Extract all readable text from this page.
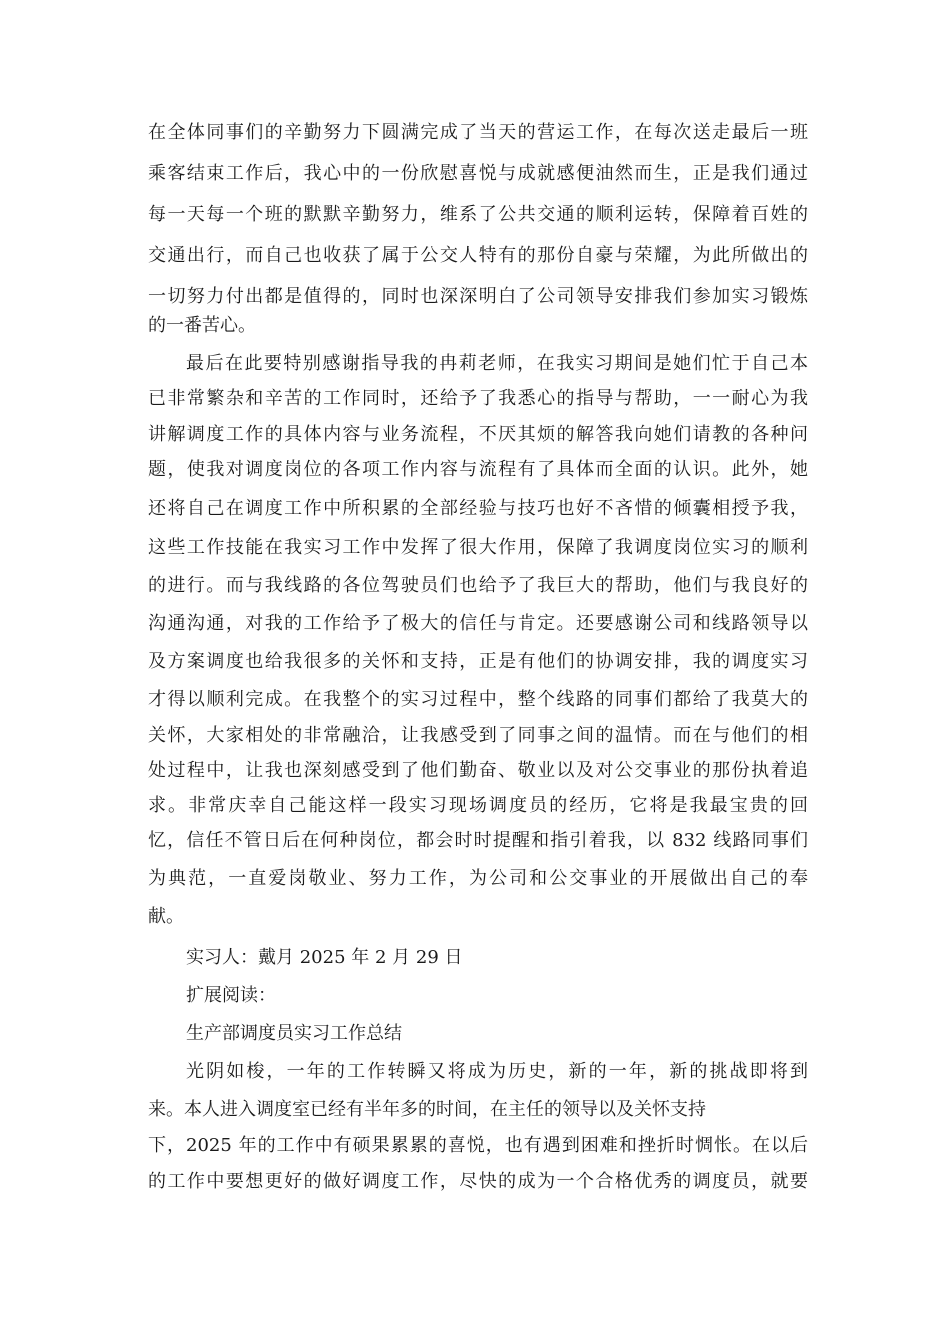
在全体同事们的辛勤努力下圆满完成了当天的营运工作，在每次送走最后一班

乘客结束工作后，我心中的一份欣慰喜悦与成就感便油然而生，正是我们通过

每一天每一个班的默默辛勤努力，维系了公共交通的顺利运转，保障着百姓的

交通出行，而自己也收获了属于公交人特有的那份自豪与荣耀，为此所做出的

一切努力付出都是值得的，同时也深深明白了公司领导安排我们参加实习锻炼

的一番苦心。

最后在此要特别感谢指导我的冉莉老师，在我实习期间是她们忙于自己本

已非常繁杂和辛苦的工作同时，还给予了我悉心的指导与帮助，一一耐心为我

讲解调度工作的具体内容与业务流程，不厌其烦的解答我向她们请教的各种问

题，使我对调度岗位的各项工作内容与流程有了具体而全面的认识。此外，她

还将自己在调度工作中所积累的全部经验与技巧也好不吝惜的倾囊相授予我，

这些工作技能在我实习工作中发挥了很大作用，保障了我调度岗位实习的顺利

的进行。而与我线路的各位驾驶员们也给予了我巨大的帮助，他们与我良好的

沟通沟通，对我的工作给予了极大的信任与肯定。还要感谢公司和线路领导以

及方案调度也给我很多的关怀和支持，正是有他们的协调安排，我的调度实习

才得以顺利完成。在我整个的实习过程中，整个线路的同事们都给了我莫大的

关怀，大家相处的非常融洽，让我感受到了同事之间的温情。而在与他们的相

处过程中，让我也深刻感受到了他们勤奋、敬业以及对公交事业的那份执着追

求。非常庆幸自己能这样一段实习现场调度员的经历，它将是我最宝贵的回

忆，信任不管日后在何种岗位，都会时时提醒和指引着我，以 832 线路同事们

为典范，一直爱岗敬业、努力工作，为公司和公交事业的开展做出自己的奉

献。

实习人：戴月 2025 年 2 月 29 日

扩展阅读：

生产部调度员实习工作总结

光阴如梭，一年的工作转瞬又将成为历史，新的一年，新的挑战即将到

来。本人进入调度室已经有半年多的时间，在主任的领导以及关怀支持

下，2025 年的工作中有硕果累累的喜悦，也有遇到困难和挫折时惆怅。在以后

的工作中要想更好的做好调度工作，尽快的成为一个合格优秀的调度员，就要
